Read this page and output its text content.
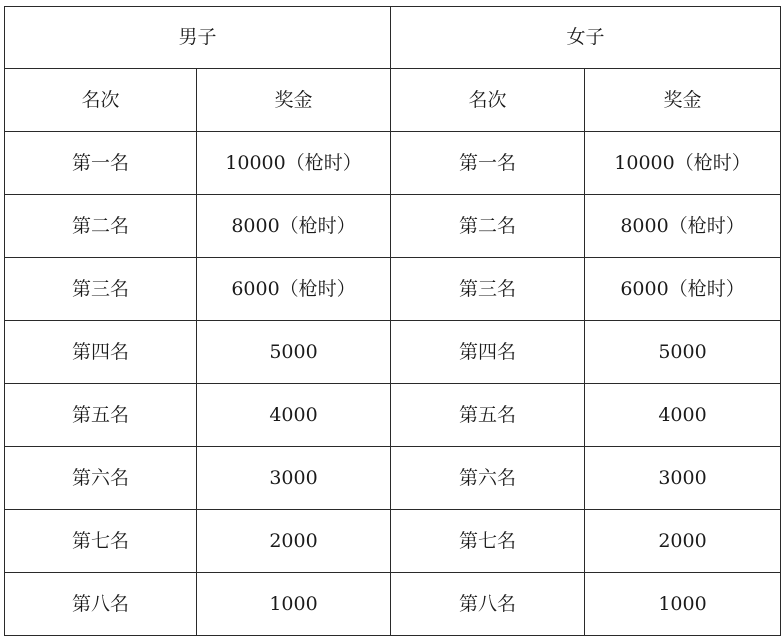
男子		女子	
名次	奖金	名次	奖金
第一名	10000（枪时）	第一名	10000（枪时）
第二名	8000（枪时）	第二名	8000（枪时）
第三名	6000（枪时）	第三名	6000（枪时）
第四名	5000	第四名	5000
第五名	4000	第五名	4000
第六名	3000	第六名	3000
第七名	2000	第七名	2000
第八名	1000	第八名	1000
